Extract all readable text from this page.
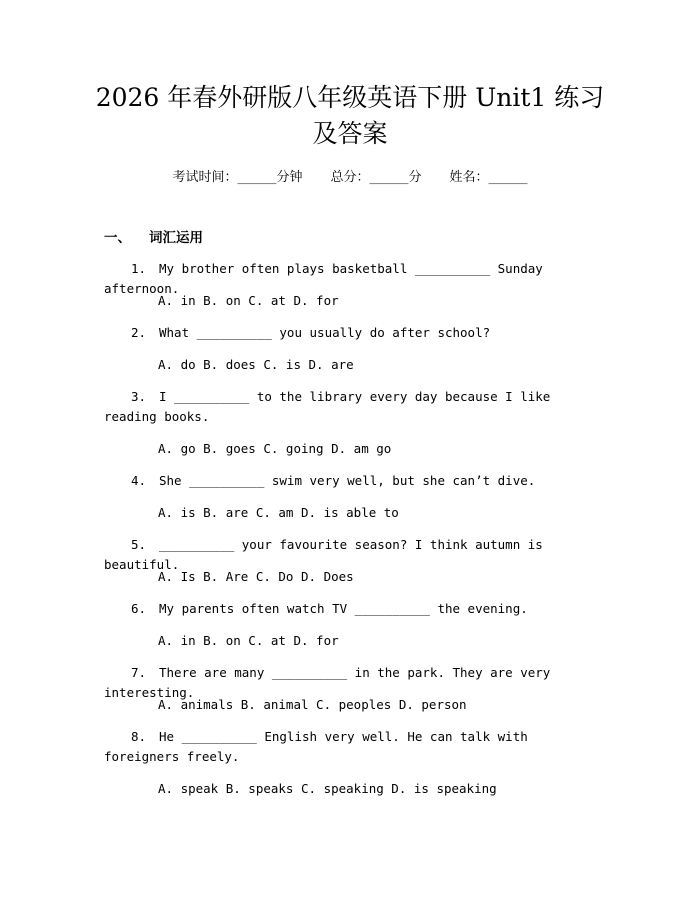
2026 年春外研版八年级英语下册 Unit1 练习
及答案
考试时间：______分钟 总分：______分 姓名：______
一、 词汇运用
1. My brother often plays basketball __________ Sunday afternoon.
A. in B. on C. at D. for
2. What __________ you usually do after school?
A. do B. does C. is D. are
3. I __________ to the library every day because I like reading books.
A. go B. goes C. going D. am go
4. She __________ swim very well, but she can’t dive.
A. is B. are C. am D. is able to
5. __________ your favourite season? I think autumn is beautiful.
A. Is B. Are C. Do D. Does
6. My parents often watch TV __________ the evening.
A. in B. on C. at D. for
7. There are many __________ in the park. They are very interesting.
A. animals B. animal C. peoples D. person
8. He __________ English very well. He can talk with foreigners freely.
A. speak B. speaks C. speaking D. is speaking
